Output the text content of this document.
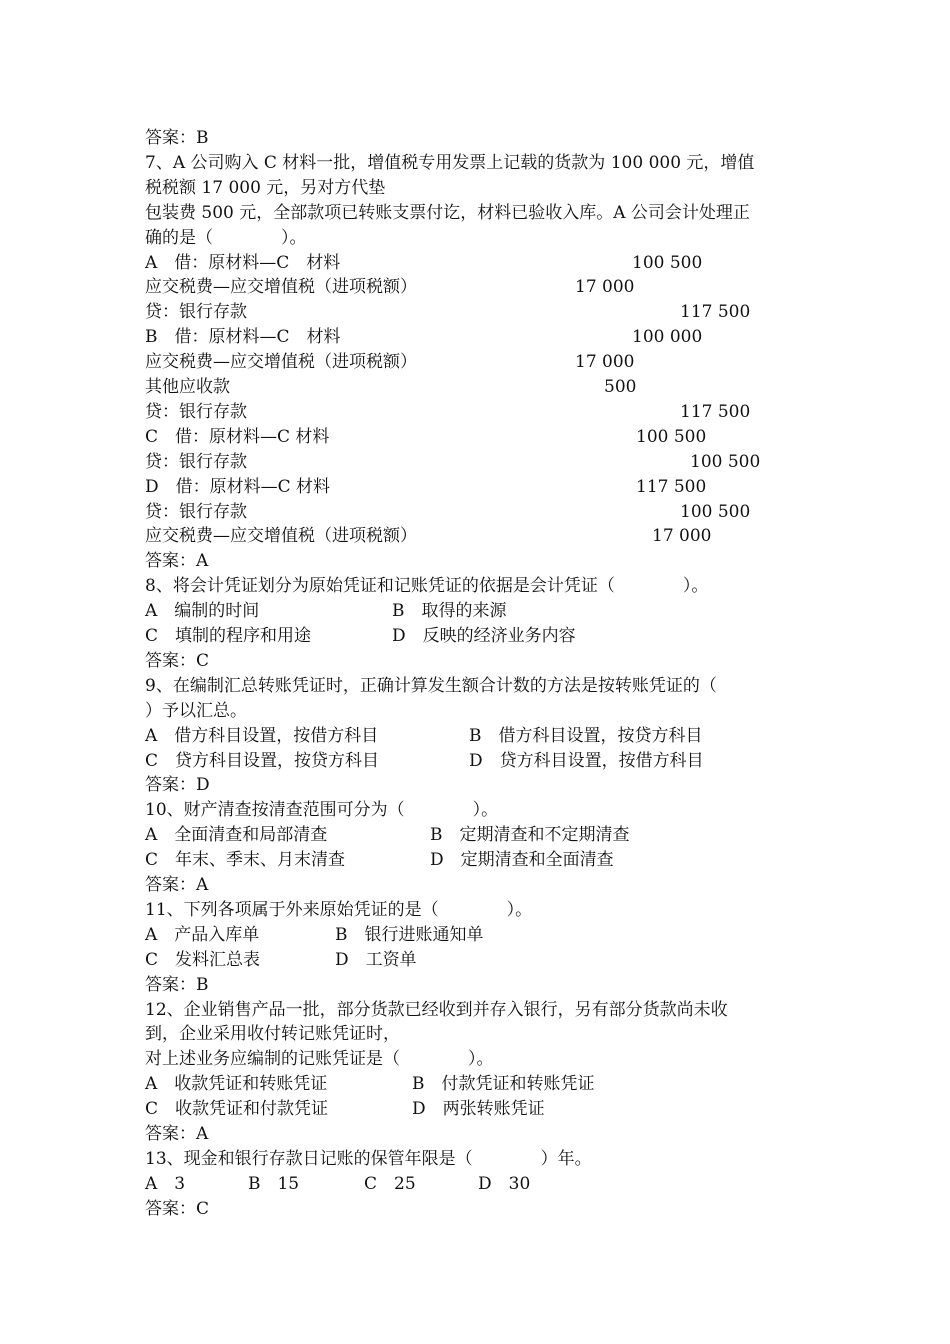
答案：B
7、A 公司购入 C 材料一批，增值税专用发票上记载的货款为 100 000 元，增值
税税额 17 000 元，另对方代垫
包装费 500 元，全部款项已转账支票付讫，材料已验收入库。A 公司会计处理正
确的是（　　　　）。
A　借：原材料—C　材料	100 500
应交税费—应交增值税（进项税额）	17 000
贷：银行存款	117 500
B　借：原材料—C　材料	100 000
应交税费—应交增值税（进项税额）	17 000
其他应收款	500
贷：银行存款	117 500
C　借：原材料—C 材料	100 500
贷：银行存款	100 500
D　借：原材料—C 材料	117 500
贷：银行存款	100 500
应交税费—应交增值税（进项税额）	17 000
答案：A
8、将会计凭证划分为原始凭证和记账凭证的依据是会计凭证（　　　　）。
A　编制的时间	B　取得的来源
C　填制的程序和用途	D　反映的经济业务内容
答案：C
9、在编制汇总转账凭证时，正确计算发生额合计数的方法是按转账凭证的（
）予以汇总。
A　借方科目设置，按借方科目	B　借方科目设置，按贷方科目
C　贷方科目设置，按贷方科目	D　贷方科目设置，按借方科目
答案：D
10、财产清查按清查范围可分为（　　　　）。
A　全面清查和局部清查	B　定期清查和不定期清查
C　年末、季末、月末清查	D　定期清查和全面清查
答案：A
11、下列各项属于外来原始凭证的是（　　　　）。
A　产品入库单	B　银行进账通知单
C　发料汇总表	D　工资单
答案：B
12、企业销售产品一批，部分货款已经收到并存入银行，另有部分货款尚未收
到，企业采用收付转记账凭证时，
对上述业务应编制的记账凭证是（　　　　）。
A　收款凭证和转账凭证	B　付款凭证和转账凭证
C　收款凭证和付款凭证	D　两张转账凭证
答案：A
13、现金和银行存款日记账的保管年限是（　　　　）年。
A　3	B　15	C　25	D　30
答案：C
